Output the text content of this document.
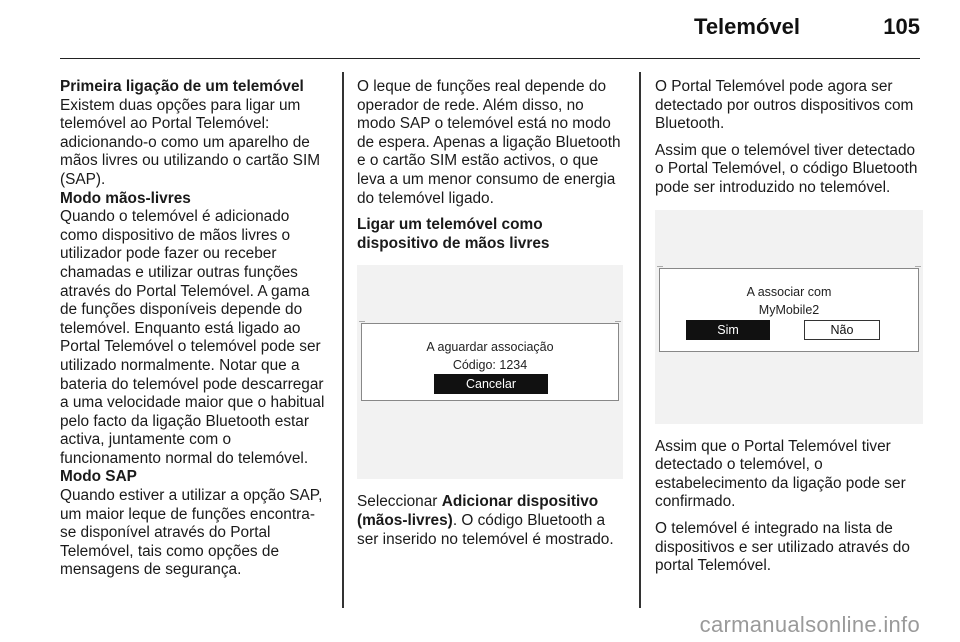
Telemóvel	105

Primeira ligação de um telemóvel

Existem duas opções para ligar um telemóvel ao Portal Telemóvel: adicionando-o como um aparelho de mãos livres ou utilizando o cartão SIM (SAP).

Modo mãos-livres

Quando o telemóvel é adicionado como dispositivo de mãos livres o utilizador pode fazer ou receber chamadas e utilizar outras funções através do Portal Telemóvel. A gama de funções disponíveis depende do telemóvel. Enquanto está ligado ao Portal Telemóvel o telemóvel pode ser utilizado normalmente. Notar que a bateria do telemóvel pode descarregar a uma velocidade maior que o habitual pelo facto da ligação Bluetooth estar activa, juntamente com o funcionamento normal do telemóvel.

Modo SAP

Quando estiver a utilizar a opção SAP, um maior leque de funções encontra-se disponível através do Portal Telemóvel, tais como opções de mensagens de segurança.

O leque de funções real depende do operador de rede. Além disso, no modo SAP o telemóvel está no modo de espera. Apenas a ligação Bluetooth e o cartão SIM estão activos, o que leva a um menor consumo de energia do telemóvel ligado.

Ligar um telemóvel como dispositivo de mãos livres

A aguardar associação
Código: 1234
Cancelar

Seleccionar Adicionar dispositivo (mãos-livres). O código Bluetooth a ser inserido no telemóvel é mostrado.

O Portal Telemóvel pode agora ser detectado por outros dispositivos com Bluetooth.

Assim que o telemóvel tiver detectado o Portal Telemóvel, o código Bluetooth pode ser introduzido no telemóvel.

A associar com
MyMobile2
Sim	Não

Assim que o Portal Telemóvel tiver detectado o telemóvel, o estabelecimento da ligação pode ser confirmado.

O telemóvel é integrado na lista de dispositivos e ser utilizado através do portal Telemóvel.

carmanualsonline.info
